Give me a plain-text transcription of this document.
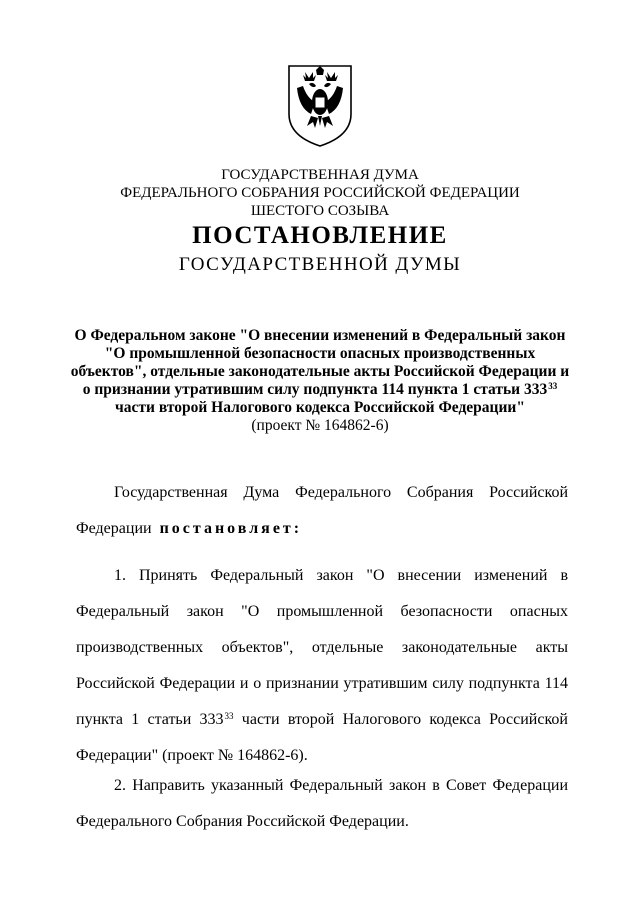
ГОСУДАРСТВЕННАЯ ДУМА
ФЕДЕРАЛЬНОГО СОБРАНИЯ РОССИЙСКОЙ ФЕДЕРАЦИИ
ШЕСТОГО СОЗЫВА
ПОСТАНОВЛЕНИЕ
ГОСУДАРСТВЕННОЙ ДУМЫ
О Федеральном законе "О внесении изменений в Федеральный закон
"О промышленной безопасности опасных производственных
объектов", отдельные законодательные акты Российской Федерации и
о признании утратившим силу подпункта 114 пункта 1 статьи $333^{33}$
части второй Налогового кодекса Российской Федерации"
(проект № 164862-6)
Государственная Дума Федерального Собрания Российской
Федерации постановляет:
1. Принять Федеральный закон "О внесении изменений в
Федеральный закон "О промышленной безопасности опасных
производственных объектов", отдельные законодательные акты
Российской Федерации и о признании утратившим силу подпункта 114
пункта 1 статьи $333^{33}$ части второй Налогового кодекса Российской
Федерации" (проект № 164862-6).
2. Направить указанный Федеральный закон в Совет Федерации
Федерального Собрания Российской Федерации.
